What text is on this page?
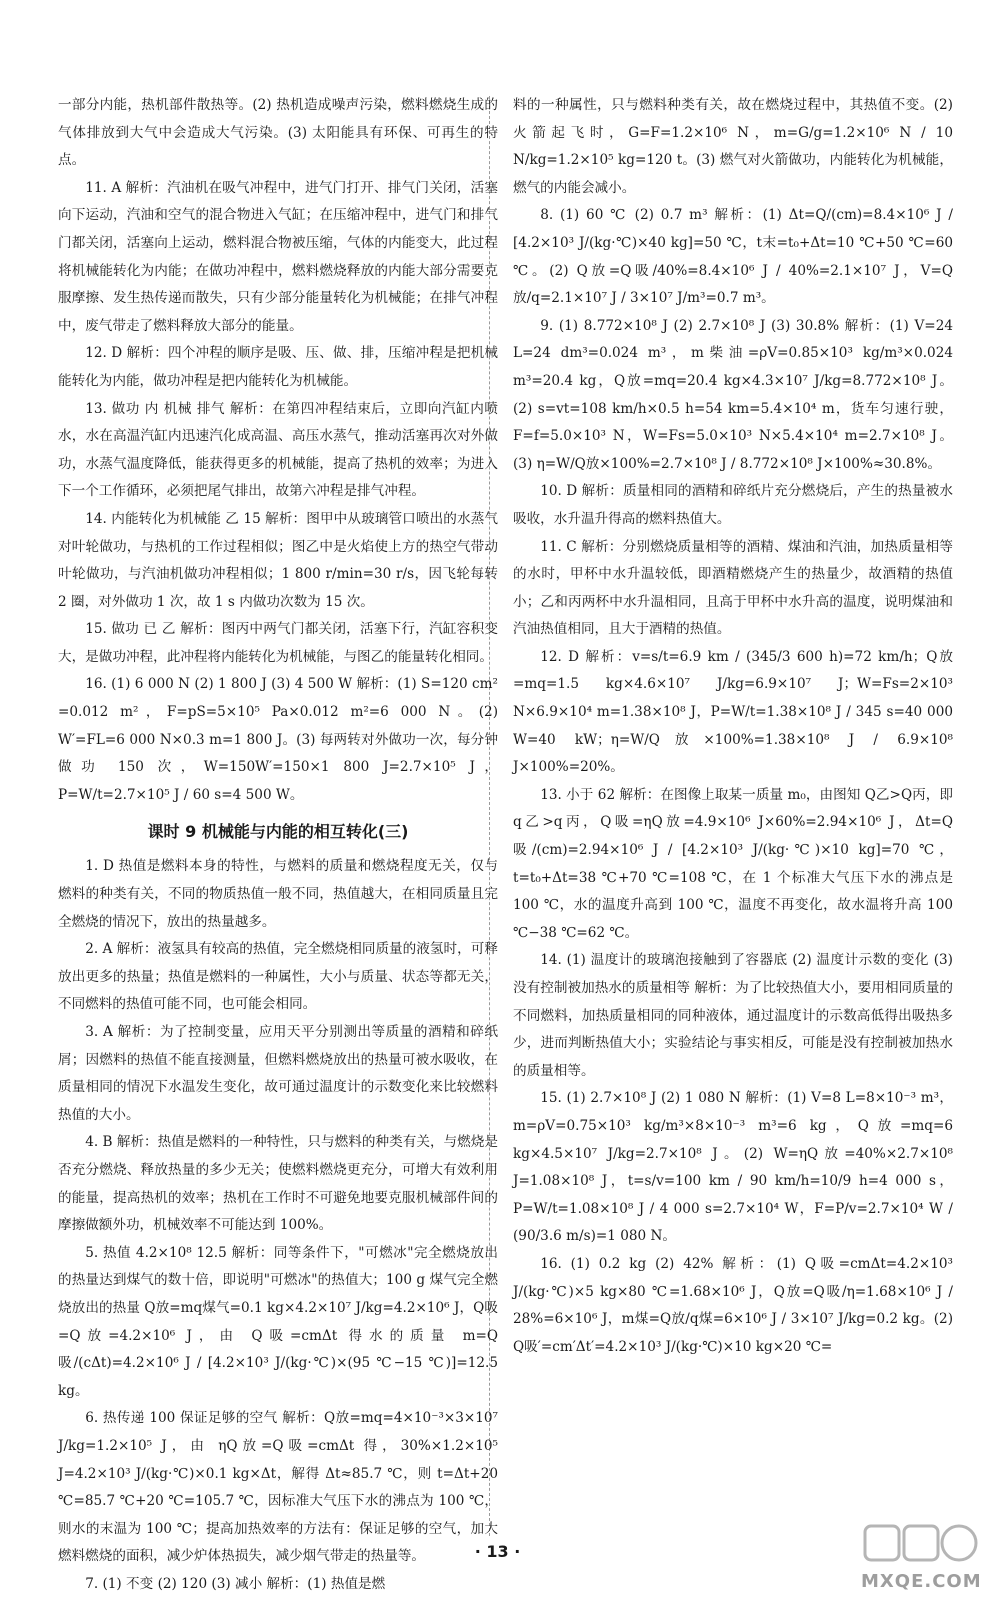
一部分内能，热机部件散热等。(2) 热机造成噪声污染，燃料燃烧生成的气体排放到大气中会造成大气污染。(3) 太阳能具有环保、可再生的特点。

11. A 解析：汽油机在吸气冲程中，进气门打开、排气门关闭，活塞向下运动，汽油和空气的混合物进入气缸；在压缩冲程中，进气门和排气门都关闭，活塞向上运动，燃料混合物被压缩，气体的内能变大，此过程将机械能转化为内能；在做功冲程中，燃料燃烧释放的内能大部分需要克服摩擦、发生热传递而散失，只有少部分能量转化为机械能；在排气冲程中，废气带走了燃料释放大部分的能量。

12. D 解析：四个冲程的顺序是吸、压、做、排，压缩冲程是把机械能转化为内能，做功冲程是把内能转化为机械能。

13. 做功 内 机械 排气 解析：在第四冲程结束后，立即向汽缸内喷水，水在高温汽缸内迅速汽化成高温、高压水蒸气，推动活塞再次对外做功，水蒸气温度降低，能获得更多的机械能，提高了热机的效率；为进入下一个工作循环，必须把尾气排出，故第六冲程是排气冲程。

14. 内能转化为机械能 乙 15 解析：图甲中从玻璃管口喷出的水蒸气对叶轮做功，与热机的工作过程相似；图乙中是火焰使上方的热空气带动叶轮做功，与汽油机做功冲程相似；1 800 r/min=30 r/s，因飞轮每转 2 圈，对外做功 1 次，故 1 s 内做功次数为 15 次。

15. 做功 已 乙 解析：图丙中两气门都关闭，活塞下行，汽缸容积变大，是做功冲程，此冲程将内能转化为机械能，与图乙的能量转化相同。

16. (1) 6 000 N (2) 1 800 J (3) 4 500 W 解析：(1) S=120 cm² =0.012 m²，F=pS=5×10⁵ Pa×0.012 m²=6 000 N。(2) W′=FL=6 000 N×0.3 m=1 800 J。(3) 每两转对外做功一次，每分钟做功 150 次，W=150W′=150×1 800 J=2.7×10⁵ J，P=W/t=2.7×10⁵ J / 60 s=4 500 W。

课时 9 机械能与内能的相互转化(三)

1. D 热值是燃料本身的特性，与燃料的质量和燃烧程度无关，仅与燃料的种类有关，不同的物质热值一般不同，热值越大，在相同质量且完全燃烧的情况下，放出的热量越多。

2. A 解析：液氢具有较高的热值，完全燃烧相同质量的液氢时，可释放出更多的热量；热值是燃料的一种属性，大小与质量、状态等都无关，不同燃料的热值可能不同，也可能会相同。

3. A 解析：为了控制变量，应用天平分别测出等质量的酒精和碎纸屑；因燃料的热值不能直接测量，但燃料燃烧放出的热量可被水吸收，在质量相同的情况下水温发生变化，故可通过温度计的示数变化来比较燃料热值的大小。

4. B 解析：热值是燃料的一种特性，只与燃料的种类有关，与燃烧是否充分燃烧、释放热量的多少无关；使燃料燃烧更充分，可增大有效利用的能量，提高热机的效率；热机在工作时不可避免地要克服机械部件间的摩擦做额外功，机械效率不可能达到 100%。

5. 热值 4.2×10⁸ 12.5 解析：同等条件下，"可燃冰"完全燃烧放出的热量达到煤气的数十倍，即说明"可燃冰"的热值大；100 g 煤气完全燃烧放出的热量 Q放=mq煤气=0.1 kg×4.2×10⁷ J/kg=4.2×10⁶ J，Q吸=Q放=4.2×10⁶ J，由 Q吸=cmΔt 得水的质量 m=Q吸/(cΔt)=4.2×10⁶ J / [4.2×10³ J/(kg·℃)×(95 ℃−15 ℃)]=12.5 kg。

6. 热传递 100 保证足够的空气 解析：Q放=mq=4×10⁻³×3×10⁷ J/kg=1.2×10⁵ J，由 ηQ放=Q吸=cmΔt 得，30%×1.2×10⁵ J=4.2×10³ J/(kg·℃)×0.1 kg×Δt，解得 Δt≈85.7 ℃，则 t=Δt+20 ℃=85.7 ℃+20 ℃=105.7 ℃，因标准大气压下水的沸点为 100 ℃，则水的末温为 100 ℃；提高加热效率的方法有：保证足够的空气，加大燃料燃烧的面积，减少炉体热损失，减少烟气带走的热量等。

7. (1) 不变 (2) 120 (3) 减小 解析：(1) 热值是燃

料的一种属性，只与燃料种类有关，故在燃烧过程中，其热值不变。(2) 火箭起飞时，G=F=1.2×10⁶ N，m=G/g=1.2×10⁶ N / 10 N/kg=1.2×10⁵ kg=120 t。(3) 燃气对火箭做功，内能转化为机械能，燃气的内能会减小。

8. (1) 60 ℃ (2) 0.7 m³ 解析：(1) Δt=Q/(cm)=8.4×10⁶ J / [4.2×10³ J/(kg·℃)×40 kg]=50 ℃，t末=t₀+Δt=10 ℃+50 ℃=60 ℃。(2) Q放=Q吸/40%=8.4×10⁶ J / 40%=2.1×10⁷ J，V=Q放/q=2.1×10⁷ J / 3×10⁷ J/m³=0.7 m³。

9. (1) 8.772×10⁸ J (2) 2.7×10⁸ J (3) 30.8% 解析：(1) V=24 L=24 dm³=0.024 m³，m柴油=ρV=0.85×10³ kg/m³×0.024 m³=20.4 kg，Q放=mq=20.4 kg×4.3×10⁷ J/kg=8.772×10⁸ J。(2) s=vt=108 km/h×0.5 h=54 km=5.4×10⁴ m，货车匀速行驶，F=f=5.0×10³ N，W=Fs=5.0×10³ N×5.4×10⁴ m=2.7×10⁸ J。(3) η=W/Q放×100%=2.7×10⁸ J / 8.772×10⁸ J×100%≈30.8%。

10. D 解析：质量相同的酒精和碎纸片充分燃烧后，产生的热量被水吸收，水升温升得高的燃料热值大。

11. C 解析：分别燃烧质量相等的酒精、煤油和汽油，加热质量相等的水时，甲杯中水升温较低，即酒精燃烧产生的热量少，故酒精的热值小；乙和丙两杯中水升温相同，且高于甲杯中水升高的温度，说明煤油和汽油热值相同，且大于酒精的热值。

12. D 解析：v=s/t=6.9 km / (345/3 600 h)=72 km/h；Q放=mq=1.5 kg×4.6×10⁷ J/kg=6.9×10⁷ J；W=Fs=2×10³ N×6.9×10⁴ m=1.38×10⁸ J，P=W/t=1.38×10⁸ J / 345 s=40 000 W=40 kW；η=W/Q放×100%=1.38×10⁸ J / 6.9×10⁸ J×100%=20%。

13. 小于 62 解析：在图像上取某一质量 m₀，由图知 Q乙>Q丙，即 q乙>q丙，Q吸=ηQ放=4.9×10⁶ J×60%=2.94×10⁶ J，Δt=Q吸/(cm)=2.94×10⁶ J / [4.2×10³ J/(kg·℃)×10 kg]=70 ℃，t=t₀+Δt=38 ℃+70 ℃=108 ℃，在 1 个标准大气压下水的沸点是 100 ℃，水的温度升高到 100 ℃，温度不再变化，故水温将升高 100 ℃−38 ℃=62 ℃。

14. (1) 温度计的玻璃泡接触到了容器底 (2) 温度计示数的变化 (3) 没有控制被加热水的质量相等 解析：为了比较热值大小，要用相同质量的不同燃料，加热质量相同的同种液体，通过温度计的示数高低得出吸热多少，进而判断热值大小；实验结论与事实相反，可能是没有控制被加热水的质量相等。

15. (1) 2.7×10⁸ J (2) 1 080 N 解析：(1) V=8 L=8×10⁻³ m³，m=ρV=0.75×10³ kg/m³×8×10⁻³ m³=6 kg，Q放=mq=6 kg×4.5×10⁷ J/kg=2.7×10⁸ J。(2) W=ηQ放=40%×2.7×10⁸ J=1.08×10⁸ J，t=s/v=100 km / 90 km/h=10/9 h=4 000 s，P=W/t=1.08×10⁸ J / 4 000 s=2.7×10⁴ W，F=P/v=2.7×10⁴ W / (90/3.6 m/s)=1 080 N。

16. (1) 0.2 kg (2) 42% 解析：(1) Q吸=cmΔt=4.2×10³ J/(kg·℃)×5 kg×80 ℃=1.68×10⁶ J，Q放=Q吸/η=1.68×10⁶ J / 28%=6×10⁶ J，m煤=Q放/q煤=6×10⁶ J / 3×10⁷ J/kg=0.2 kg。(2) Q吸′=cm′Δt′=4.2×10³ J/(kg·℃)×10 kg×20 ℃=

· 13 ·
MXQE.COM
